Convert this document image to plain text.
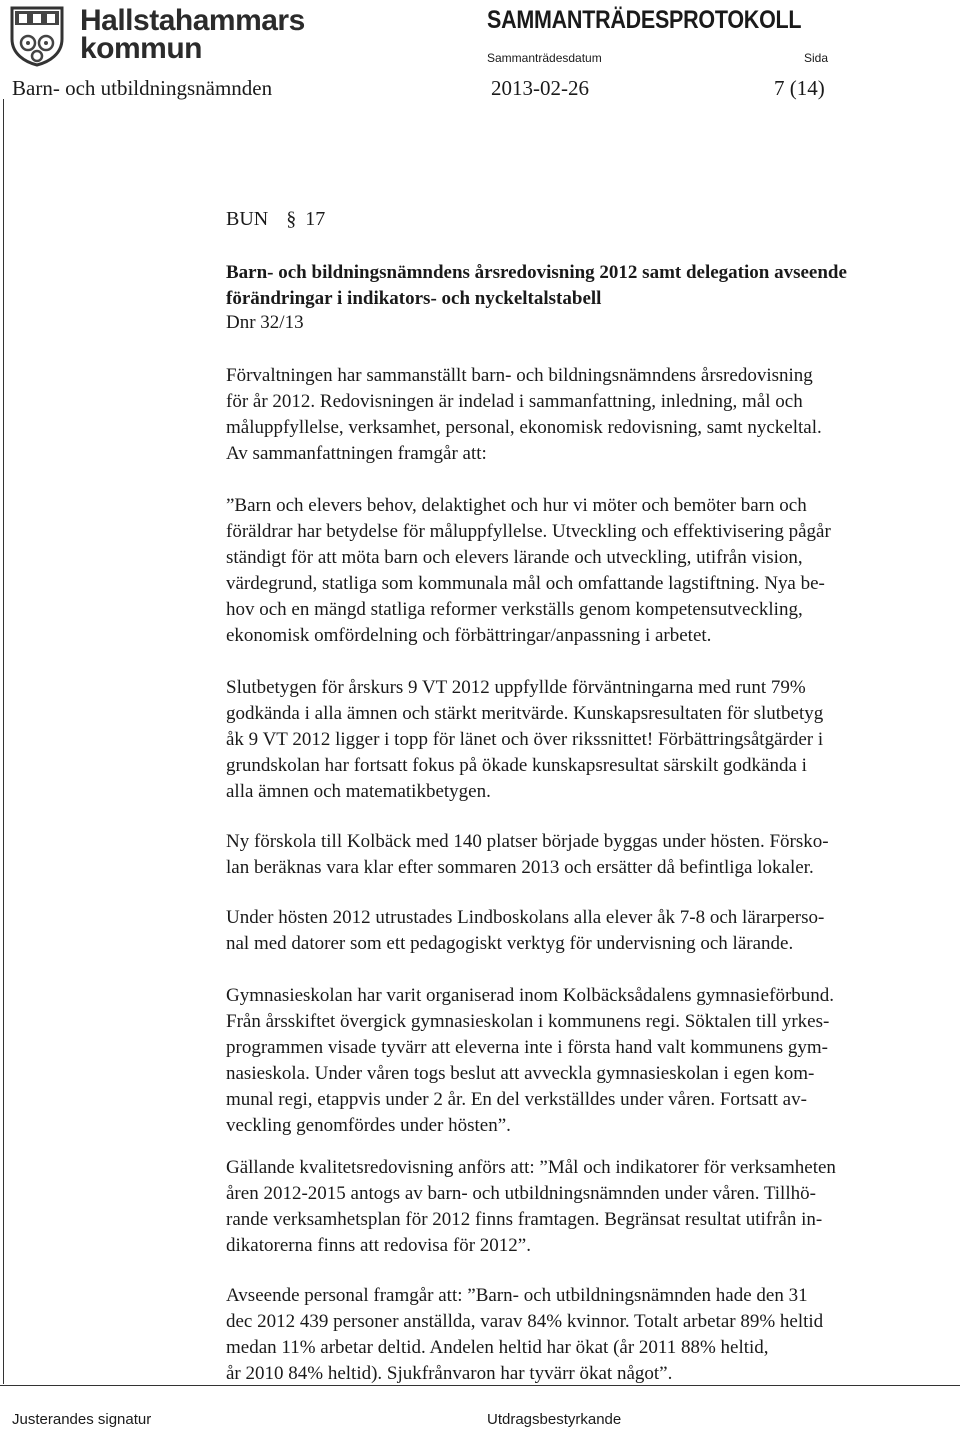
Hallstahammars
kommun
SAMMANTRÄDESPROTOKOLL
Sammanträdesdatum	Sida
Barn- och utbildningsnämnden	2013-02-26	7 (14)
BUN  § 17
Barn- och bildningsnämndens årsredovisning 2012 samt delegation avseende förändringar i indikators- och nyckeltalstabell
Dnr 32/13

Förvaltningen har sammanställt barn- och bildningsnämndens årsredovisning

för år 2012. Redovisningen är indelad i sammanfattning, inledning, mål och

måluppfyllelse, verksamhet, personal, ekonomisk redovisning, samt nyckeltal.

Av sammanfattningen framgår att:

”Barn och elevers behov, delaktighet och hur vi möter och bemöter barn och

föräldrar har betydelse för måluppfyllelse. Utveckling och effektivisering pågår

ständigt för att möta barn och elevers lärande och utveckling, utifrån vision,

värdegrund, statliga som kommunala mål och omfattande lagstiftning. Nya be-

hov och en mängd statliga reformer verkställs genom kompetensutveckling,

ekonomisk omfördelning och förbättringar/anpassning i arbetet.

Slutbetygen för årskurs 9 VT 2012 uppfyllde förväntningarna med runt 79%

godkända i alla ämnen och stärkt meritvärde. Kunskapsresultaten för slutbetyg

åk 9 VT 2012 ligger i topp för länet och över rikssnittet! Förbättringsåtgärder i

grundskolan har fortsatt fokus på ökade kunskapsresultat särskilt godkända i

alla ämnen och matematikbetygen.

Ny förskola till Kolbäck med 140 platser började byggas under hösten. Försko-

lan beräknas vara klar efter sommaren 2013 och ersätter då befintliga lokaler.

Under hösten 2012 utrustades Lindboskolans alla elever åk 7-8 och lärarperso-

nal med datorer som ett pedagogiskt verktyg för undervisning och lärande.

Gymnasieskolan har varit organiserad inom Kolbäcksådalens gymnasieförbund.

Från årsskiftet övergick gymnasieskolan i kommunens regi. Söktalen till yrkes-

programmen visade tyvärr att eleverna inte i första hand valt kommunens gym-

nasieskola. Under våren togs beslut att avveckla gymnasieskolan i egen kom-

munal regi, etappvis under 2 år. En del verkställdes under våren. Fortsatt av-

veckling genomfördes under hösten”.

Gällande kvalitetsredovisning anförs att: ”Mål och indikatorer för verksamheten

åren 2012-2015 antogs av barn- och utbildningsnämnden under våren. Tillhö-

rande verksamhetsplan för 2012 finns framtagen. Begränsat resultat utifrån in-

dikatorerna finns att redovisa för 2012”.

Avseende personal framgår att: ”Barn- och utbildningsnämnden hade den 31

dec 2012 439 personer anställda, varav 84% kvinnor. Totalt arbetar 89% heltid

medan 11% arbetar deltid. Andelen heltid har ökat (år 2011 88% heltid,

år 2010 84% heltid). Sjukfrånvaron har tyvärr ökat något”.

Justerandes signatur	Utdragsbestyrkande
